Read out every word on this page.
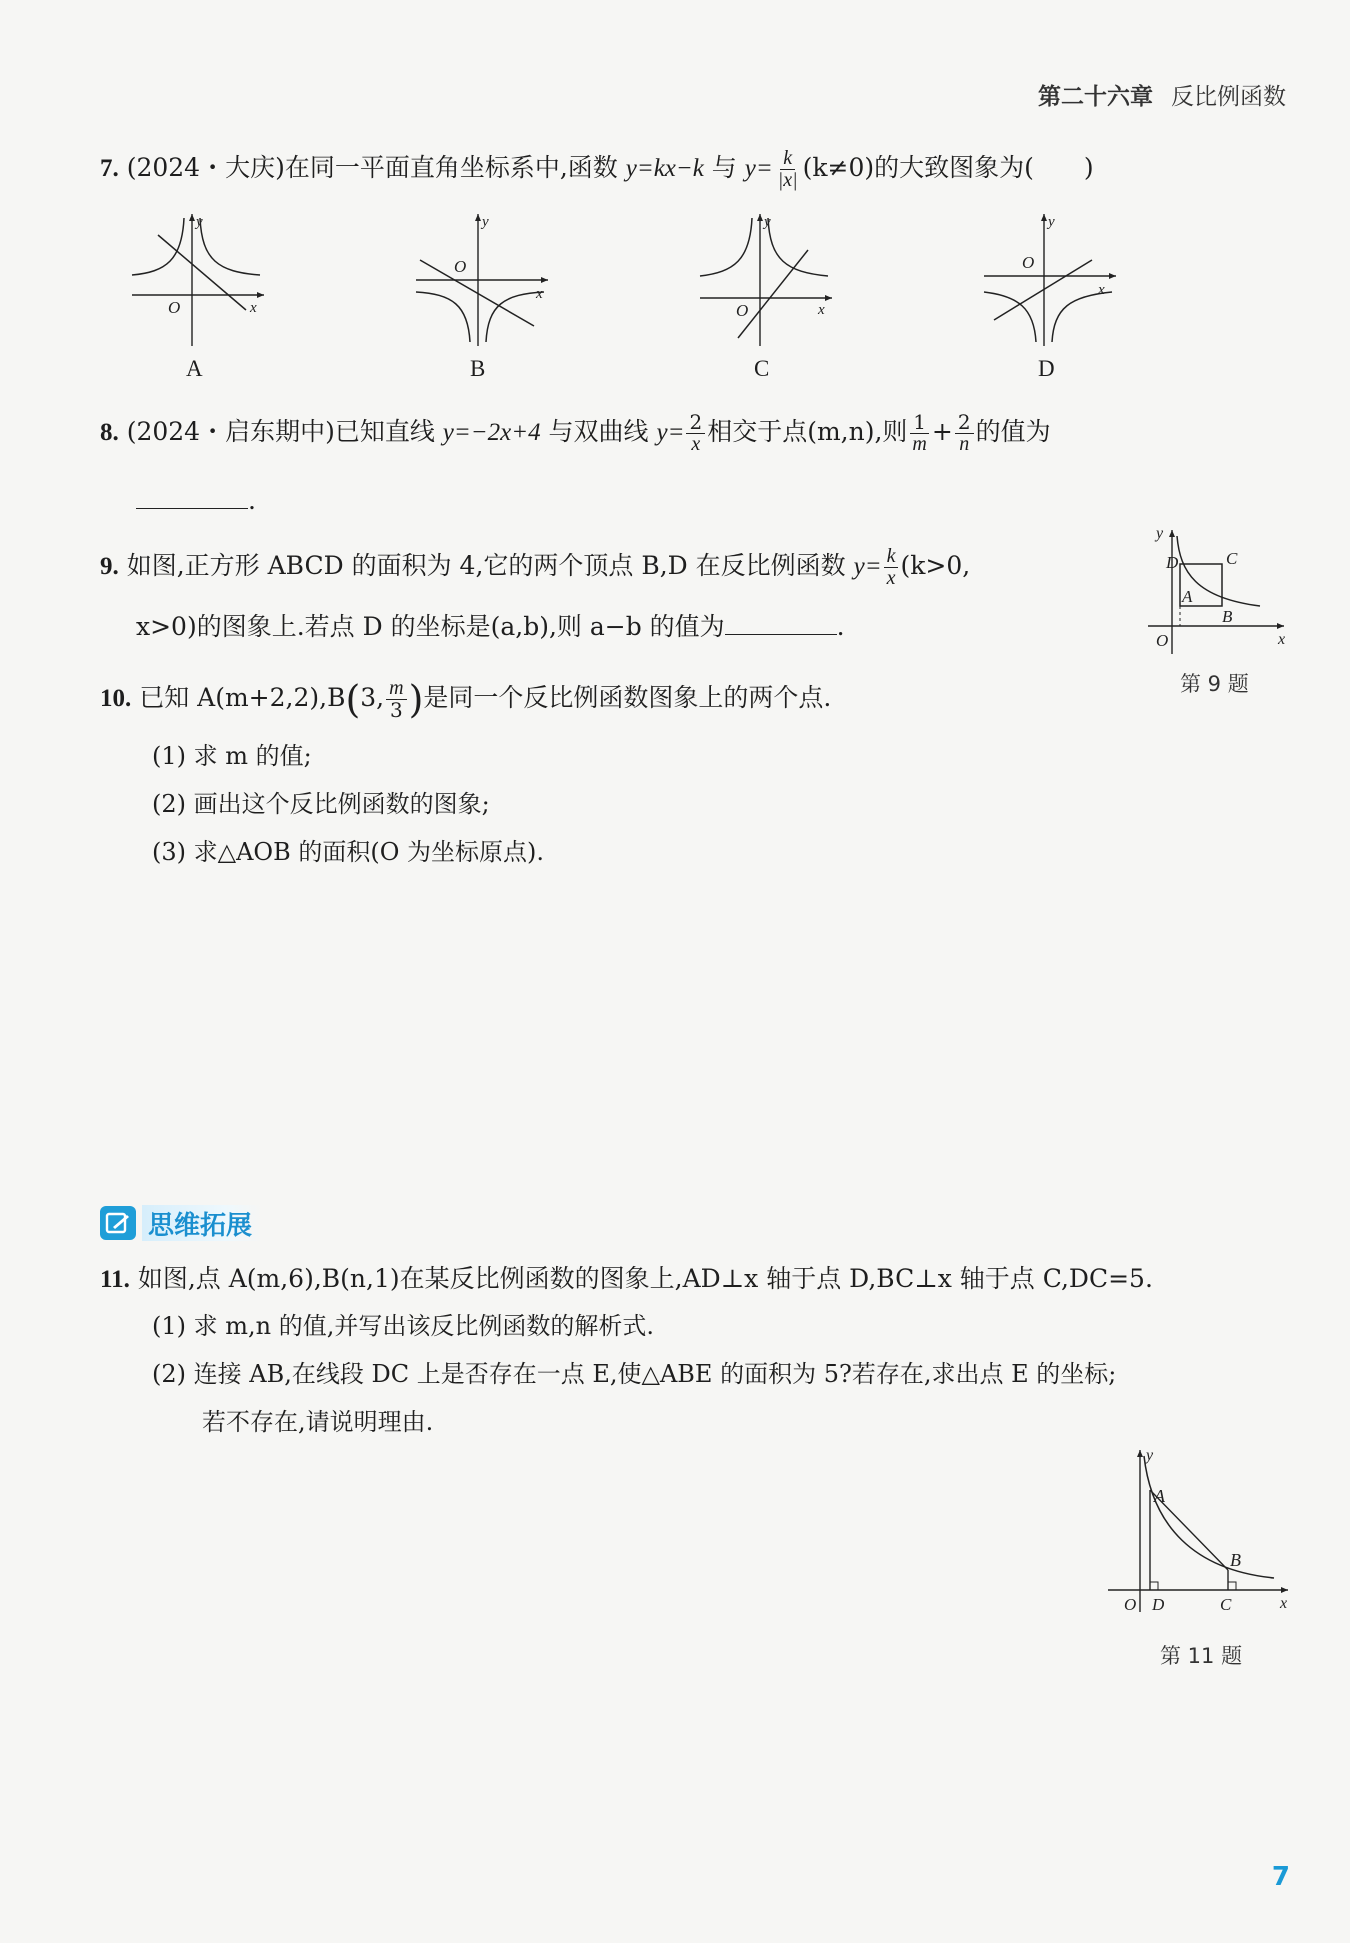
第二十六章 反比例函数
7. (2024・大庆)在同一平面直角坐标系中,函数 y=kx−k 与 $y= \frac{k}{|x|} (k\ne 0)$的大致图象为(　　)
y
x
O
A
y
x
O
B
y
x
O
C
y
x
O
D
8. (2024・启东期中)已知直线 y=−2x+4 与双曲线 $y= \frac{2}{x}$ 相交于点(m,n),则 $\frac{1}{m} + \frac{2}{n}$ 的值为
.
9. 如图,正方形 ABCD 的面积为 4,它的两个顶点 B,D 在反比例函数 $y= \frac{k}{x} (k>0$,
x>0)的图象上.若点 D 的坐标是(a,b),则 a−b 的值为	.
y
x
O
D	C
A
B
第 9 题
10. 已知 A(m+2,2),B(3, $\frac{m}{3}$ )是同一个反比例函数图象上的两个点.
(1) 求 m 的值;
(2) 画出这个反比例函数的图象;
(3) 求△AOB 的面积(O 为坐标原点).
思维拓展
11. 如图,点 A(m,6),B(n,1)在某反比例函数的图象上,AD⊥x 轴于点 D,BC⊥x 轴于点 C,DC=5.
(1) 求 m,n 的值,并写出该反比例函数的解析式.
(2) 连接 AB,在线段 DC 上是否存在一点 E,使△ABE 的面积为 5?若存在,求出点 E 的坐标;
若不存在,请说明理由.
y
x
O D	C
A
B
第 11 题
7
